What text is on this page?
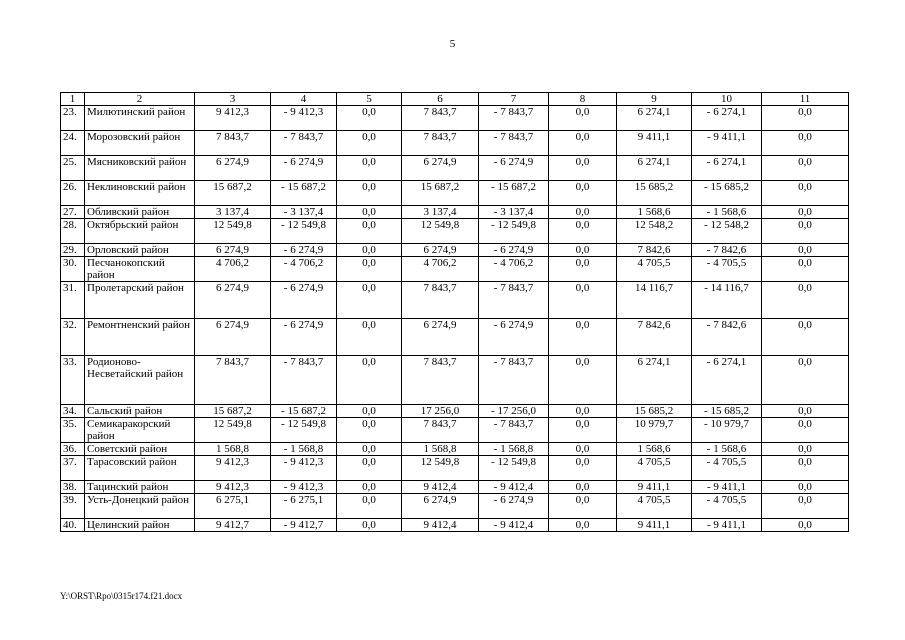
5
1	2	3	4	5	6	7	8	9	10	11
23.	Милютинский район	9 412,3	- 9 412,3	0,0	7 843,7	- 7 843,7	0,0	6 274,1	- 6 274,1	0,0
24.	Морозовский район	7 843,7	- 7 843,7	0,0	7 843,7	- 7 843,7	0,0	9 411,1	- 9 411,1	0,0
25.	Мясниковский район	6 274,9	- 6 274,9	0,0	6 274,9	- 6 274,9	0,0	6 274,1	- 6 274,1	0,0
26.	Неклиновский район	15 687,2	- 15 687,2	0,0	15 687,2	- 15 687,2	0,0	15 685,2	- 15 685,2	0,0
27.	Обливский район	3 137,4	- 3 137,4	0,0	3 137,4	- 3 137,4	0,0	1 568,6	- 1 568,6	0,0
28.	Октябрьский район	12 549,8	- 12 549,8	0,0	12 549,8	- 12 549,8	0,0	12 548,2	- 12 548,2	0,0
29.	Орловский район	6 274,9	- 6 274,9	0,0	6 274,9	- 6 274,9	0,0	7 842,6	- 7 842,6	0,0
30.	Песчанокопский район	4 706,2	- 4 706,2	0,0	4 706,2	- 4 706,2	0,0	4 705,5	- 4 705,5	0,0
31.	Пролетарский район	6 274,9	- 6 274,9	0,0	7 843,7	- 7 843,7	0,0	14 116,7	- 14 116,7	0,0
32.	Ремонтненский район	6 274,9	- 6 274,9	0,0	6 274,9	- 6 274,9	0,0	7 842,6	- 7 842,6	0,0
33.	Родионово-Несветайский район	7 843,7	- 7 843,7	0,0	7 843,7	- 7 843,7	0,0	6 274,1	- 6 274,1	0,0
34.	Сальский район	15 687,2	- 15 687,2	0,0	17 256,0	- 17 256,0	0,0	15 685,2	- 15 685,2	0,0
35.	Семикаракорский район	12 549,8	- 12 549,8	0,0	7 843,7	- 7 843,7	0,0	10 979,7	- 10 979,7	0,0
36.	Советский район	1 568,8	- 1 568,8	0,0	1 568,8	- 1 568,8	0,0	1 568,6	- 1 568,6	0,0
37.	Тарасовский район	9 412,3	- 9 412,3	0,0	12 549,8	- 12 549,8	0,0	4 705,5	- 4 705,5	0,0
38.	Тацинский район	9 412,3	- 9 412,3	0,0	9 412,4	- 9 412,4	0,0	9 411,1	- 9 411,1	0,0
39.	Усть-Донецкий район	6 275,1	- 6 275,1	0,0	6 274,9	- 6 274,9	0,0	4 705,5	- 4 705,5	0,0
40.	Целинский район	9 412,7	- 9 412,7	0,0	9 412,4	- 9 412,4	0,0	9 411,1	- 9 411,1	0,0
Y:\ORST\Rpo\0315r174.f21.docx
